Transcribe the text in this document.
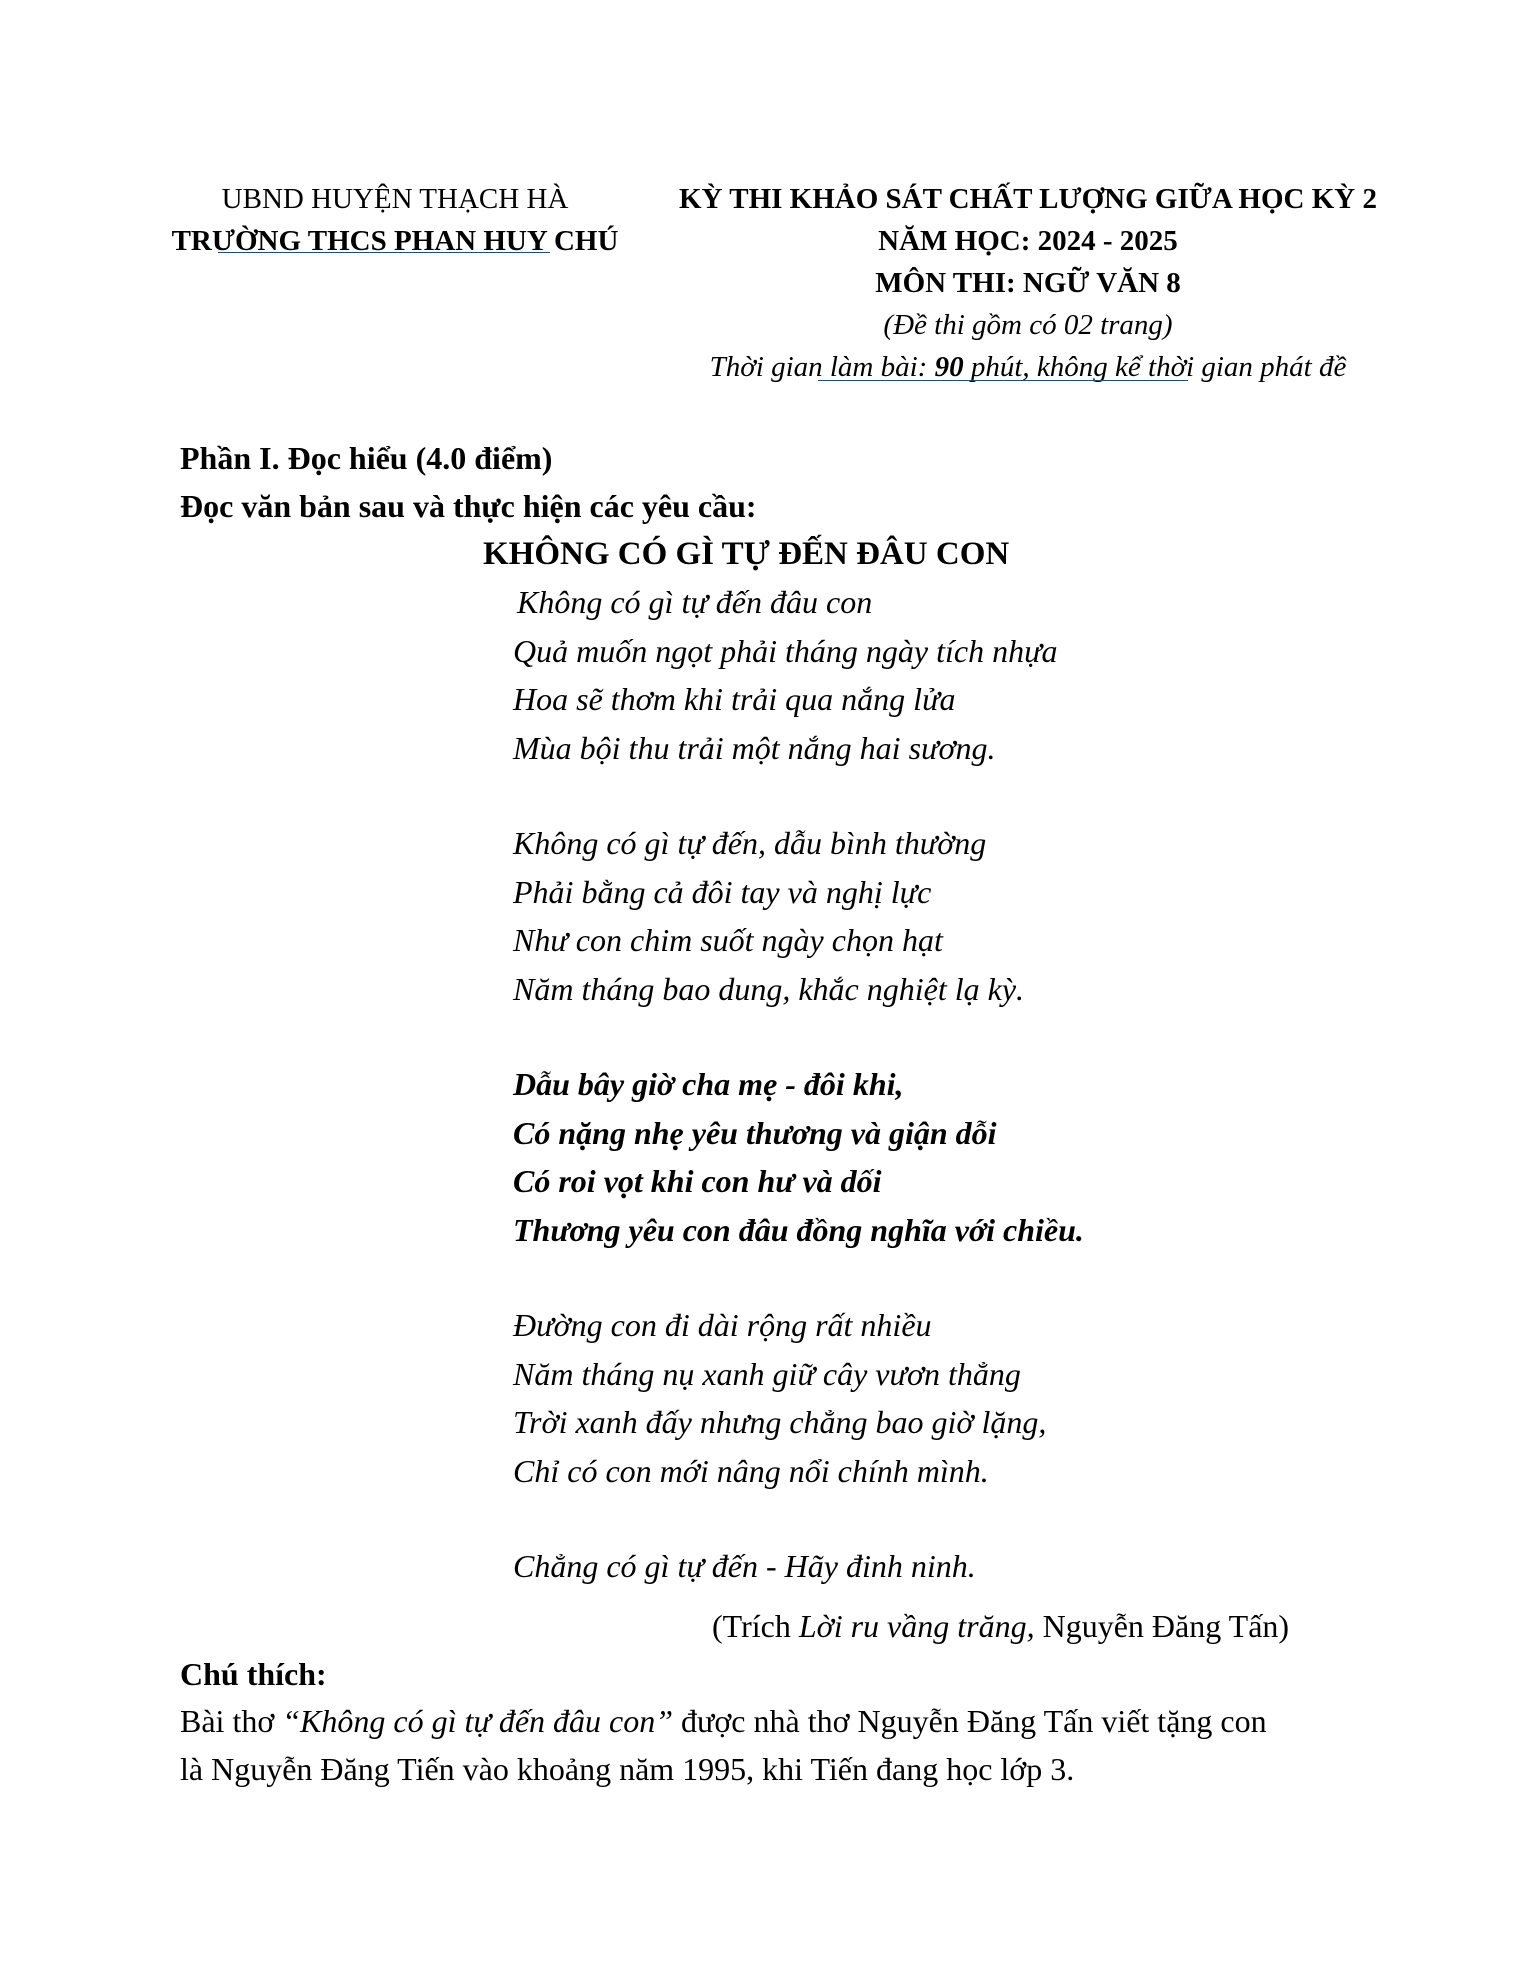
UBND HUYỆN THẠCH HÀ
TRƯỜNG THCS PHAN HUY CHÚ
KỲ THI KHẢO SÁT CHẤT LƯỢNG GIỮA HỌC KỲ 2
NĂM HỌC: 2024 - 2025
MÔN THI: NGỮ VĂN 8
(Đề thi gồm có 02 trang)
Thời gian làm bài: 90 phút, không kể thời gian phát đề
Phần I. Đọc hiểu (4.0 điểm)
Đọc văn bản sau và thực hiện các yêu cầu:
KHÔNG CÓ GÌ TỰ ĐẾN ĐÂU CON
Không có gì tự đến đâu con
Quả muốn ngọt phải tháng ngày tích nhựa
Hoa sẽ thơm khi trải qua nắng lửa
Mùa bội thu trải một nắng hai sương.
Không có gì tự đến, dẫu bình thường
Phải bằng cả đôi tay và nghị lực
Như con chim suốt ngày chọn hạt
Năm tháng bao dung, khắc nghiệt lạ kỳ.
Dẫu bây giờ cha mẹ - đôi khi,
Có nặng nhẹ yêu thương và giận dỗi
Có roi vọt khi con hư và dối
Thương yêu con đâu đồng nghĩa với chiều.
Đường con đi dài rộng rất nhiều
Năm tháng nụ xanh giữ cây vươn thẳng
Trời xanh đấy nhưng chẳng bao giờ lặng,
Chỉ có con mới nâng nổi chính mình.
Chẳng có gì tự đến - Hãy đinh ninh.
(Trích Lời ru vầng trăng, Nguyễn Đăng Tấn)
Chú thích:
Bài thơ “Không có gì tự đến đâu con” được nhà thơ Nguyễn Đăng Tấn viết tặng con
là Nguyễn Đăng Tiến vào khoảng năm 1995, khi Tiến đang học lớp 3.
